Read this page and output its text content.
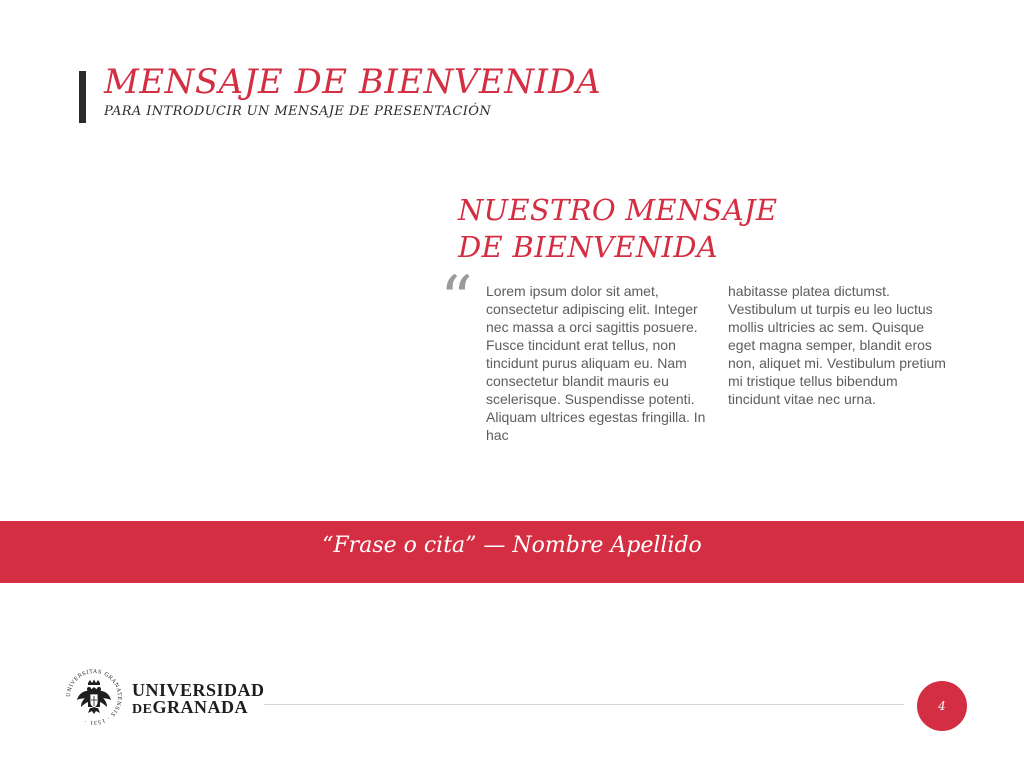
MENSAJE DE BIENVENIDA

PARA INTRODUCIR UN MENSAJE DE PRESENTACIÓN

NUESTRO MENSAJE
DE BIENVENIDA
“ Lorem ipsum dolor sit amet, consectetur adipiscing elit. Integer nec massa a orci sagittis posuere. Fusce tincidunt erat tellus, non tincidunt purus aliquam eu. Nam consectetur blandit mauris eu scelerisque. Suspendisse potenti. Aliquam ultrices egestas fringilla. In hac

habitasse platea dictumst. Vestibulum ut turpis eu leo luctus mollis ultricies ac sem. Quisque eget magna semper, blandit eros non, aliquet mi. Vestibulum pretium mi tristique tellus bibendum tincidunt vitae nec urna.

“Frase o cita” — Nombre Apellido
UNIVERSITAS GRANATENSIS · 1531 ·
UNIVERSIDAD
DEGRANADA	4
